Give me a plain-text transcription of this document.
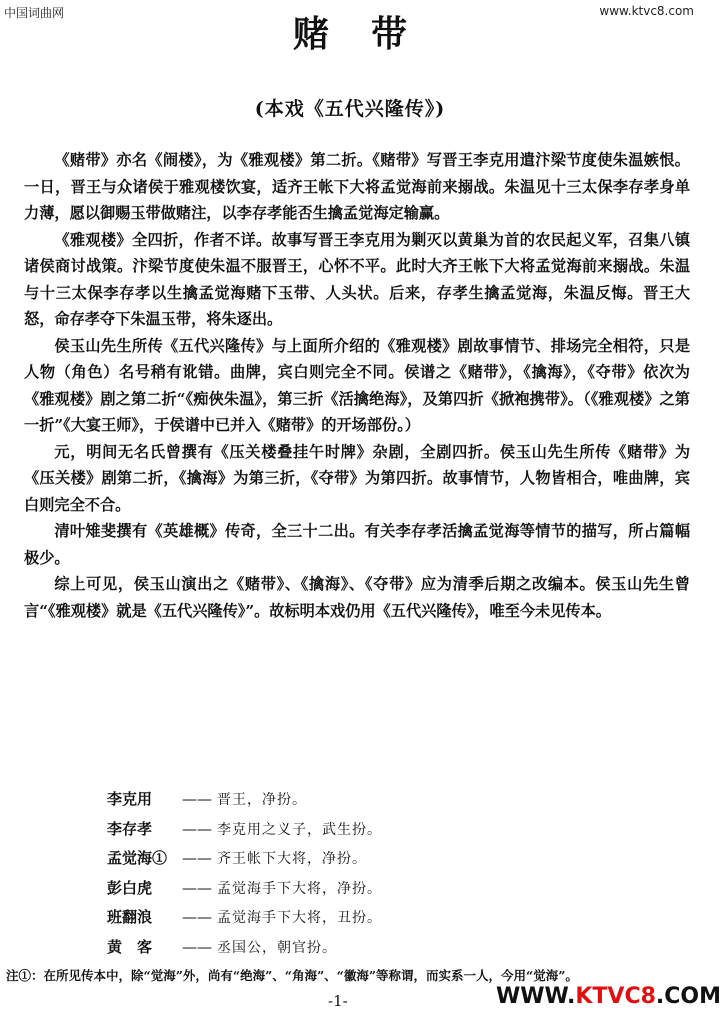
中国词曲网	www.ktvc8.com
赌带
(本戏《五代兴隆传》)

《赌带》亦名《闹楼》，为《雅观楼》第二折。《赌带》写晋王李克用遣汴梁节度使朱温嫉恨。一日，晋王与众诸侯于雅观楼饮宴，适齐王帐下大将孟觉海前来搦战。朱温见十三太保李存孝身单力薄，愿以御赐玉带做赌注，以李存孝能否生擒孟觉海定输赢。

《雅观楼》全四折，作者不详。故事写晋王李克用为剿灭以黄巢为首的农民起义军，召集八镇诸侯商讨战策。汴梁节度使朱温不服晋王，心怀不平。此时大齐王帐下大将孟觉海前来搦战。朱温与十三太保李存孝以生擒孟觉海赌下玉带、人头状。后来，存孝生擒孟觉海，朱温反悔。晋王大怒，命存孝夺下朱温玉带，将朱逐出。

侯玉山先生所传《五代兴隆传》与上面所介绍的《雅观楼》剧故事情节、排场完全相符，只是人物（角色）名号稍有讹错。曲牌，宾白则完全不同。侯谱之《赌带》，《擒海》，《夺带》依次为《雅观楼》剧之第二折“《痴俠朱温》，第三折《活擒绝海》，及第四折《掀袍携带》。（《雅观楼》之第一折”《大宴王师》，于侯谱中已并入《赌带》的开场部份。）

元，明间无名氏曾撰有《压关楼叠挂午时牌》杂剧，全剧四折。侯玉山先生所传《赌带》为《压关楼》剧第二折，《擒海》为第三折，《夺带》为第四折。故事情节，人物皆相合，唯曲牌，宾白则完全不合。

清叶雉斐撰有《英雄概》传奇，全三十二出。有关李存孝活擒孟觉海等情节的描写，所占篇幅极少。

综上可见，侯玉山演出之《赌带》、《擒海》、《夺带》应为清季后期之改编本。侯玉山先生曾言“《雅观楼》就是《五代兴隆传》”。故标明本戏仍用《五代兴隆传》，唯至今未见传本。

李克用 —— 晋王，净扮。
李存孝 —— 李克用之义子，武生扮。
孟觉海① —— 齐王帐下大将，净扮。
彭白虎 —— 孟觉海手下大将，净扮。
班翻浪 —— 孟觉海手下大将，丑扮。
黄　客 —— 丞国公，朝官扮。
注①：在所见传本中，除“觉海”外，尚有“绝海”、“角海”、“徽海”等称谓，而实系一人，今用“觉海”。
-1-	WWW.KTVC8.COM
